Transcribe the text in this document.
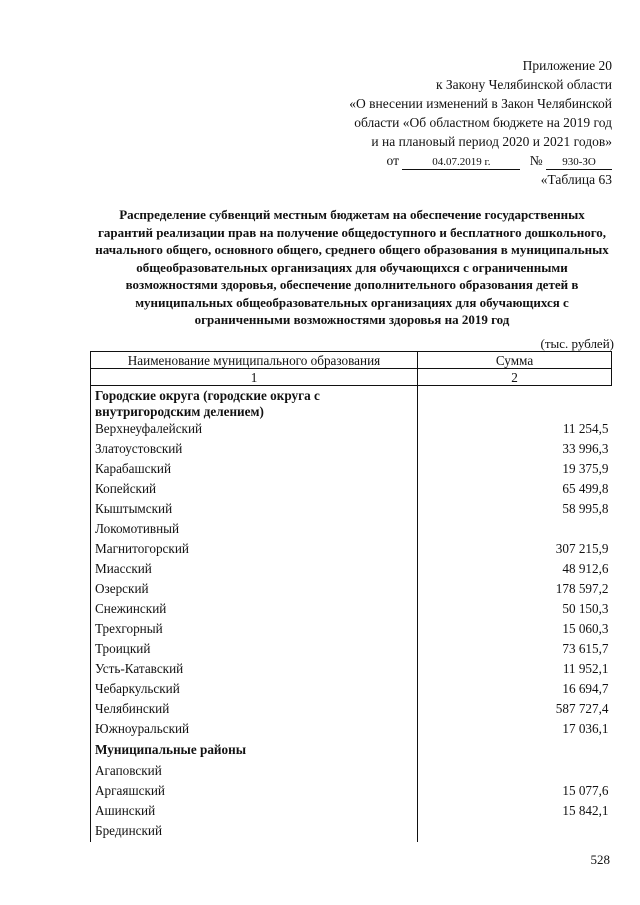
Приложение 20
к Закону Челябинской области
«О внесении изменений в Закон Челябинской
области «Об областном бюджете на 2019 год
и на плановый период 2020 и 2021 годов»
от	04.07.2019 г.	№ 930-ЗО
«Таблица 63
Распределение субвенций местным бюджетам на обеспечение государственных гарантий реализации прав на получение общедоступного и бесплатного дошкольного, начального общего, основного общего, среднего общего образования в муниципальных общеобразовательных организациях для обучающихся с ограниченными возможностями здоровья, обеспечение дополнительного образования детей в муниципальных общеобразовательных организациях для обучающихся с ограниченными возможностями здоровья на 2019 год
(тыс. рублей)
Наименование муниципального образования	Сумма
1	2
Городские округа (городские округа с внутригородским делением)	
Верхнеуфалейский	11 254,5
Златоустовский	33 996,3
Карабашский	19 375,9
Копейский	65 499,8
Кыштымский	58 995,8
Локомотивный	
Магнитогорский	307 215,9
Миасский	48 912,6
Озерский	178 597,2
Снежинский	50 150,3
Трехгорный	15 060,3
Троицкий	73 615,7
Усть-Катавский	11 952,1
Чебаркульский	16 694,7
Челябинский	587 727,4
Южноуральский	17 036,1
Муниципальные районы	
Агаповский	
Аргаяшский	15 077,6
Ашинский	15 842,1
Брединский	
528
